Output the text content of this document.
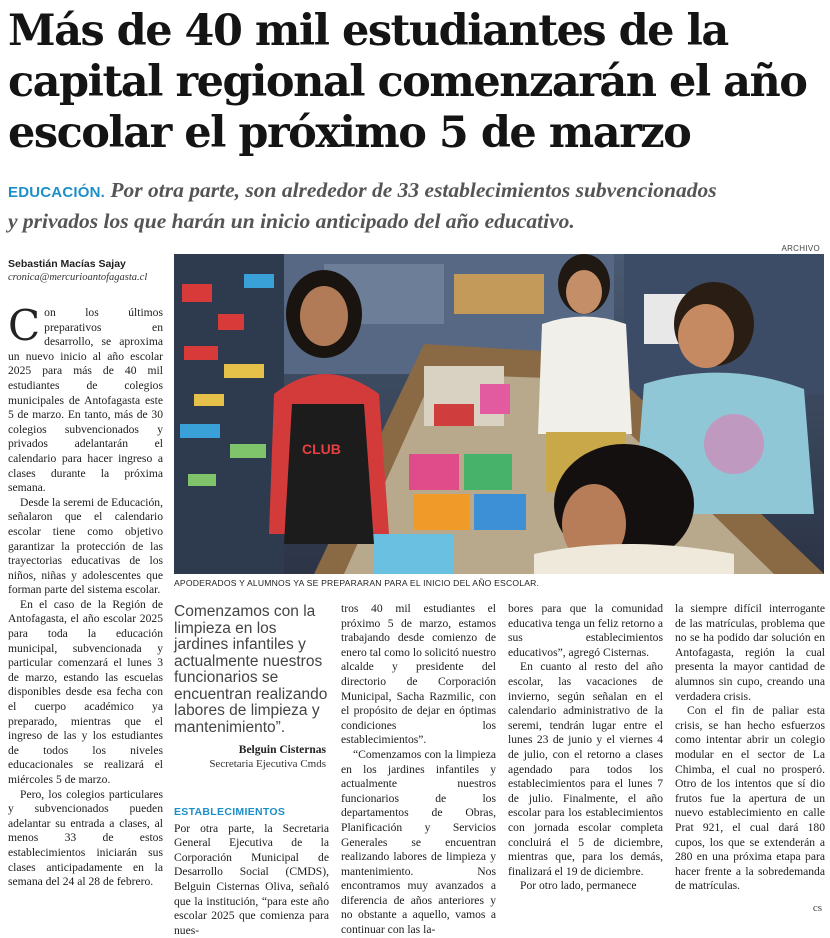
Más de 40 mil estudiantes de la
capital regional comenzarán el año
escolar el próximo 5 de marzo
EDUCACIÓN. Por otra parte, son alrededor de 33 establecimientos subvencionados
y privados los que harán un inicio anticipado del año educativo.
ARCHIVO
Sebastián Macías Sajay
cronica@mercurioantofagasta.cl

Con los últimos preparativos en desarrollo, se aproxima un nuevo inicio al año escolar 2025 para más de 40 mil estudiantes de colegios municipales de Antofagasta este 5 de marzo. En tanto, más de 30 colegios subvencionados y privados adelantarán el calendario para hacer ingreso a clases durante la próxima semana.

Desde la seremi de Educación, señalaron que el calendario escolar tiene como objetivo garantizar la protección de las trayectorias educativas de los niños, niñas y adolescentes que forman parte del sistema escolar.

En el caso de la Región de Antofagasta, el año escolar 2025 para toda la educación municipal, subvencionada y particular comenzará el lunes 3 de marzo, estando las escuelas disponibles desde esa fecha con el cuerpo académico ya preparado, mientras que el ingreso de las y los estudiantes de todos los niveles educacionales se realizará el miércoles 5 de marzo.

Pero, los colegios particulares y subvencionados pueden adelantar su entrada a clases, al menos 33 de estos establecimientos iniciarán sus clases anticipadamente en la semana del 24 al 28 de febrero.

CLUB
APODERADOS Y ALUMNOS YA SE PREPARARAN PARA EL INICIO DEL AÑO ESCOLAR.
Comenzamos con la limpieza en los jardines infantiles y actualmente nuestros funcionarios se encuentran realizando labores de limpieza y mantenimiento”.
Belguin Cisternas
Secretaria Ejecutiva Cmds
ESTABLECIMIENTOS

Por otra parte, la Secretaria General Ejecutiva de la Corporación Municipal de Desarrollo Social (CMDS), Belguin Cisternas Oliva, señaló que la institución, “para este año escolar 2025 que comienza para nues-

tros 40 mil estudiantes el próximo 5 de marzo, estamos trabajando desde comienzo de enero tal como lo solicitó nuestro alcalde y presidente del directorio de Corporación Municipal, Sacha Razmilic, con el propósito de dejar en óptimas condiciones los establecimientos”.

“Comenzamos con la limpieza en los jardines infantiles y actualmente nuestros funcionarios de los departamentos de Obras, Planificación y Servicios Generales se encuentran realizando labores de limpieza y mantenimiento. Nos encontramos muy avanzados a diferencia de años anteriores y no obstante a aquello, vamos a continuar con las la-

bores para que la comunidad educativa tenga un feliz retorno a sus establecimientos educativos”, agregó Cisternas.

En cuanto al resto del año escolar, las vacaciones de invierno, según señalan en el calendario administrativo de la seremi, tendrán lugar entre el lunes 23 de junio y el viernes 4 de julio, con el retorno a clases agendado para todos los establecimientos para el lunes 7 de julio. Finalmente, el año escolar para los establecimientos con jornada escolar completa concluirá el 5 de diciembre, mientras que, para los demás, finalizará el 19 de diciembre.

Por otro lado, permanece

la siempre difícil interrogante de las matrículas, problema que no se ha podido dar solución en Antofagasta, región la cual presenta la mayor cantidad de alumnos sin cupo, creando una verdadera crisis.

Con el fin de paliar esta crisis, se han hecho esfuerzos como intentar abrir un colegio modular en el sector de La Chimba, el cual no prosperó. Otro de los intentos que sí dio frutos fue la apertura de un nuevo establecimiento en calle Prat 921, el cual dará 180 cupos, los que se extenderán a 280 en una próxima etapa para hacer frente a la sobredemanda de matrículas.

cs
